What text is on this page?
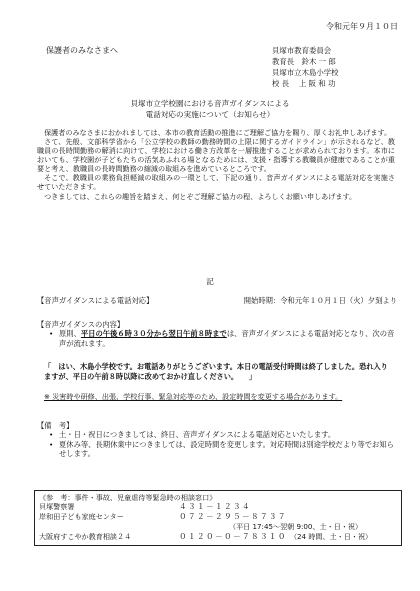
令和元年９月１０日
保護者のみなさまへ	貝塚市教育委員会
教育長　鈴木 一 郎
貝塚市立木島小学校
校 長　 上 阪 和 功
貝塚市立学校園における音声ガイダンスによる
電話対応の実施について（お知らせ）

保護者のみなさまにおかれましては、本市の教育活動の推進にご理解ご協力を賜り、厚くお礼申しあげます。

さて、先般、文部科学省から「公立学校の教師の勤務時間の上限に関するガイドライン」が示されるなど、教職員の長時間勤務の解消に向けて、学校における働き方改革を一層推進することが求められております。本市においても、学校園が子どもたちの活気あふれる場となるためには、支援・指導する教職員が健康であることが重要と考え、教職員の長時間勤務の縮減の取組みを進めているところです。

そこで、教職員の業務負担軽減の取組みの一環として、下記の通り、音声ガイダンスによる電話対応を実施させていただきます。

つきましては、これらの趣旨を踏まえ、何とぞご理解ご協力の程、よろしくお願い申しあげます。

記
【音声ガイダンスによる電話対応】	開始時期：令和元年１０月１日（火）夕刻より
【音声ガイダンスの内容】
• 原則、平日の午後６時３０分から翌日午前８時までは、音声ガイダンスによる電話対応となり、次の音声が流れます。
「　はい、木島小学校です。お電話ありがとうございます。本日の電話受付時間は終了しました。恐れ入りますが、平日の午前８時以降に改めておかけ直しください。　　」
※ 災害時や研修、出張、学校行事、緊急対応等のため、設定時間を変更する場合があります。
【備　考】
• 土・日・祝日につきましては、終日、音声ガイダンスによる電話対応といたします。
• 夏休み等、長期休業中につきましては、設定時間を変更します。対応時間は別途学校だより等でお知らせします。
《参　考：事件・事故、児童虐待等緊急時の相談窓口》
貝塚警察署	４３１－１２３４
岸和田子ども家庭センター	０７２－２９５－８７３７
（平日 17:45～翌朝 9:00、土・日・祝）
大阪府すこやか教育相談２４	０１２０－０－７８３１０ （24 時間、土・日・祝）
